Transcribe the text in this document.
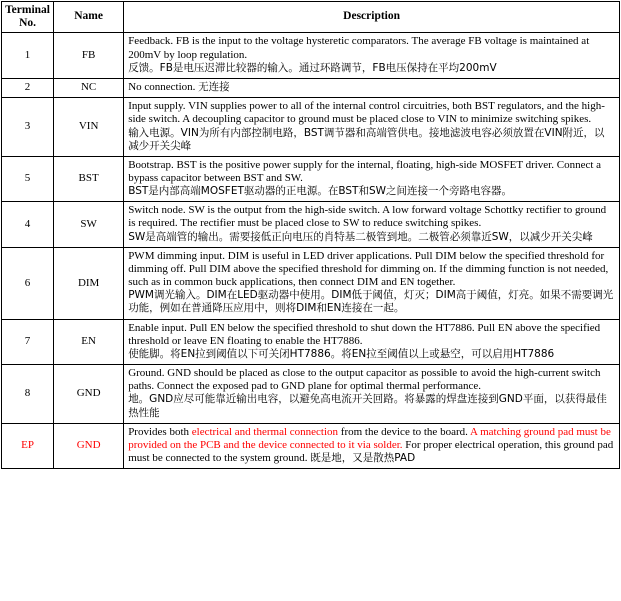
Terminal
No.	Name	Description
1	FB	Feedback. FB is the input to the voltage hysteretic comparators. The average FB voltage is maintained at 200mV by loop regulation.

反馈。FB是电压迟滞比较器的输入。通过环路调节，FB电压保持在平均200mV

2	NC	No connection. 无连接

3	VIN	Input supply. VIN supplies power to all of the internal control circuitries, both BST regulators, and the high-side switch. A decoupling capacitor to ground must be placed close to VIN to minimize switching spikes.

输入电源。VIN为所有内部控制电路，BST调节器和高端管供电。接地滤波电容必须放置在VIN附近，以减少开关尖峰

5	BST	Bootstrap. BST is the positive power supply for the internal, floating, high-side MOSFET driver. Connect a bypass capacitor between BST and SW.

BST是内部高端MOSFET驱动器的正电源。在BST和SW之间连接一个旁路电容器。

4	SW	Switch node. SW is the output from the high-side switch. A low forward voltage Schottky rectifier to ground is required. The rectifier must be placed close to SW to reduce switching spikes.

SW是高端管的输出。需要接低正向电压的肖特基二极管到地。二极管必须靠近SW，以减少开关尖峰

6	DIM	PWM dimming input. DIM is useful in LED driver applications. Pull DIM below the specified threshold for dimming off. Pull DIM above the specified threshold for dimming on. If the dimming function is not needed, such as in common buck applications, then connect DIM and EN together.

PWM调光输入。DIM在LED驱动器中使用。DIM低于阈值，灯灭；DIM高于阈值，灯亮。如果不需要调光功能，例如在普通降压应用中，则将DIM和EN连接在一起。

7	EN	Enable input. Pull EN below the specified threshold to shut down the HT7886. Pull EN above the specified threshold or leave EN floating to enable the HT7886.

使能脚。将EN拉到阈值以下可关闭HT7886。将EN拉至阈值以上或悬空，可以启用HT7886

8	GND	Ground. GND should be placed as close to the output capacitor as possible to avoid the high-current switch paths. Connect the exposed pad to GND plane for optimal thermal performance.

地。GND应尽可能靠近输出电容，以避免高电流开关回路。将暴露的焊盘连接到GND平面，以获得最佳热性能

EP	GND	Provides both electrical and thermal connection from the device to the board. A matching ground pad must be provided on the PCB and the device connected to it via solder. For proper electrical operation, this ground pad must be connected to the system ground. 既是地，又是散热PAD
